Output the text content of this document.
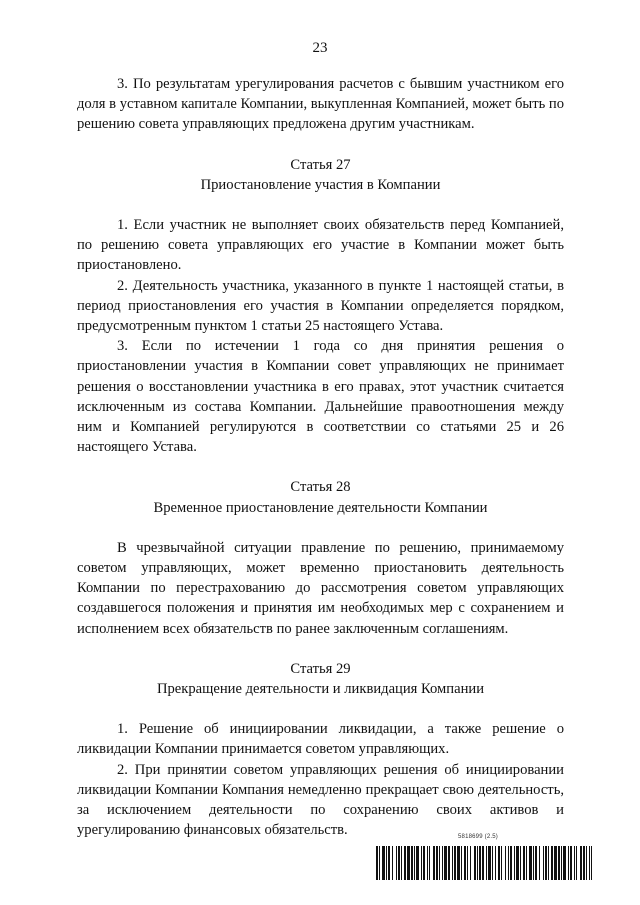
23

3. По результатам урегулирования расчетов с бывшим участником его доля в уставном капитале Компании, выкупленная Компанией, может быть по решению совета управляющих предложена другим участникам.

Статья 27
Приостановление участия в Компании

1. Если участник не выполняет своих обязательств перед Компанией, по решению совета управляющих его участие в Компании может быть приостановлено.

2. Деятельность участника, указанного в пункте 1 настоящей статьи, в период приостановления его участия в Компании определяется порядком, предусмотренным пунктом 1 статьи 25 настоящего Устава.

3. Если по истечении 1 года со дня принятия решения о приостановлении участия в Компании совет управляющих не принимает решения о восстановлении участника в его правах, этот участник считается исключенным из состава Компании. Дальнейшие правоотношения между ним и Компанией регулируются в соответствии со статьями 25 и 26 настоящего Устава.

Статья 28
Временное приостановление деятельности Компании

В чрезвычайной ситуации правление по решению, принимаемому советом управляющих, может временно приостановить деятельность Компании по перестрахованию до рассмотрения советом управляющих создавшегося положения и принятия им необходимых мер с сохранением и исполнением всех обязательств по ранее заключенным соглашениям.

Статья 29
Прекращение деятельности и ликвидация Компании

1. Решение об инициировании ликвидации, а также решение о ликвидации Компании принимается советом управляющих.

2. При принятии советом управляющих решения об инициировании ликвидации Компании Компания немедленно прекращает свою деятельность, за исключением деятельности по сохранению своих активов и урегулированию финансовых обязательств.	5818699 (2.5)
